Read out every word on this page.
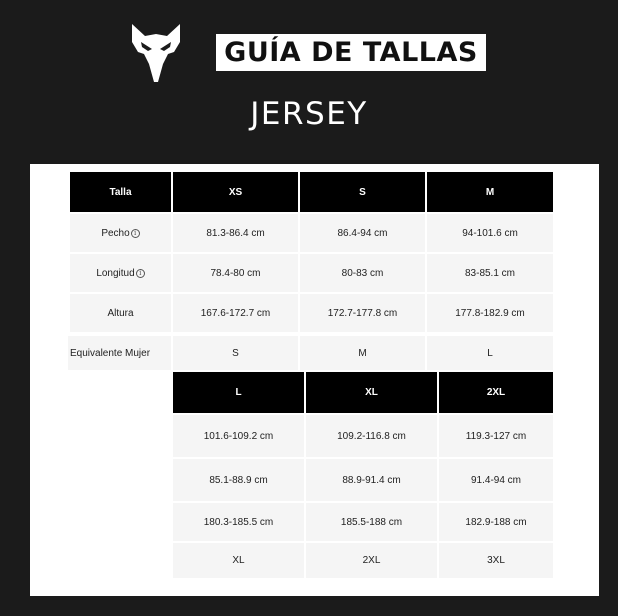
GUÍA DE TALLAS
JERSEY
Talla	XS	S	M
Pecho i	81.3-86.4 cm	86.4-94 cm	94-101.6 cm
Longitud i	78.4-80 cm	80-83 cm	83-85.1 cm
Altura	167.6-172.7 cm	172.7-177.8 cm	177.8-182.9 cm
Equivalente Mujer	S	M	L
L	XL	2XL
101.6-109.2 cm	109.2-116.8 cm	119.3-127 cm
85.1-88.9 cm	88.9-91.4 cm	91.4-94 cm
180.3-185.5 cm	185.5-188 cm	182.9-188 cm
XL	2XL	3XL
